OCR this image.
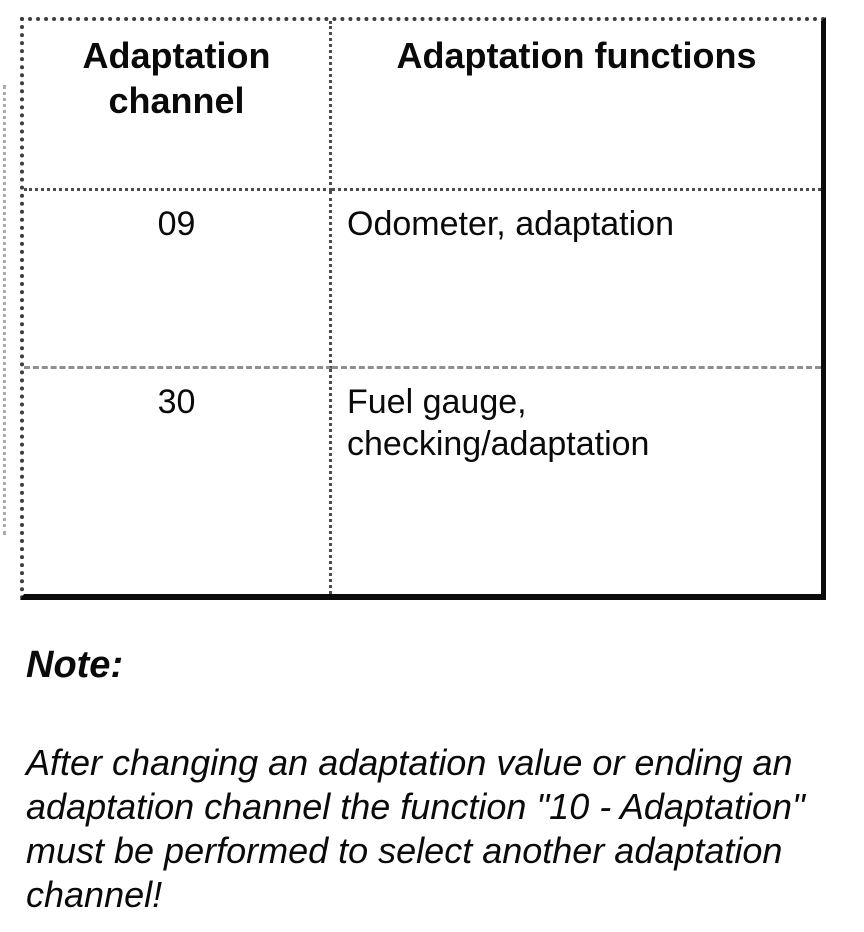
Adaptation channel
Adaptation functions
09	Odometer, adaptation
30	Fuel gauge,
checking/adaptation
Note:
After changing an adaptation value or ending an
adaptation channel the function "10 - Adaptation"
must be performed to select another adaptation
channel!
